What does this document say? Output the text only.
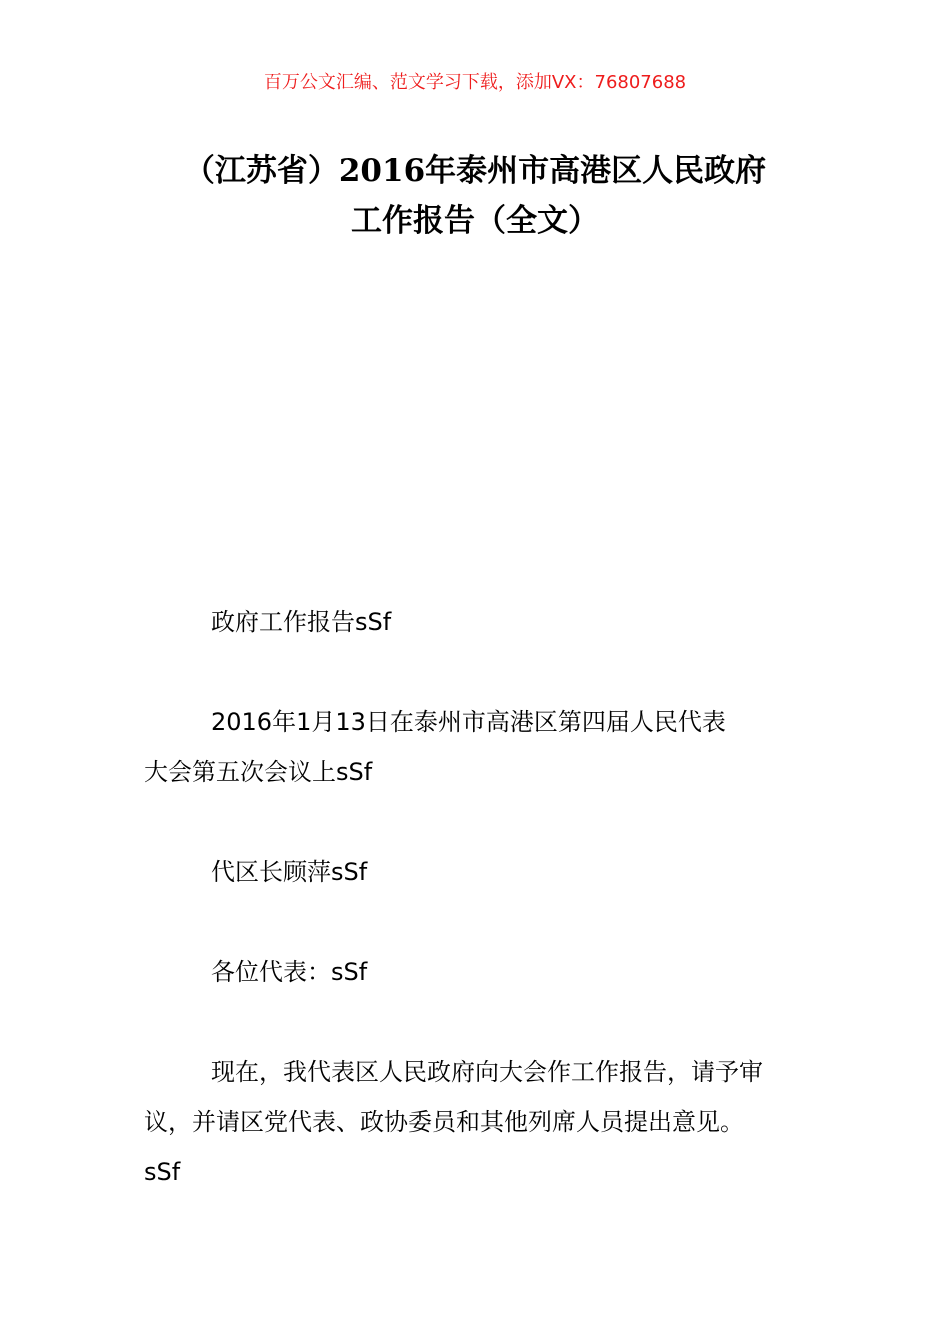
百万公文汇编、范文学习下载，添加VX：76807688
（江苏省）2016年泰州市高港区人民政府
工作报告（全文）

政府工作报告sSf

2016年1月13日在泰州市高港区第四届人民代表
大会第五次会议上sSf

代区长顾萍sSf

各位代表：sSf

现在，我代表区人民政府向大会作工作报告，请予审
议，并请区党代表、政协委员和其他列席人员提出意见。
sSf
